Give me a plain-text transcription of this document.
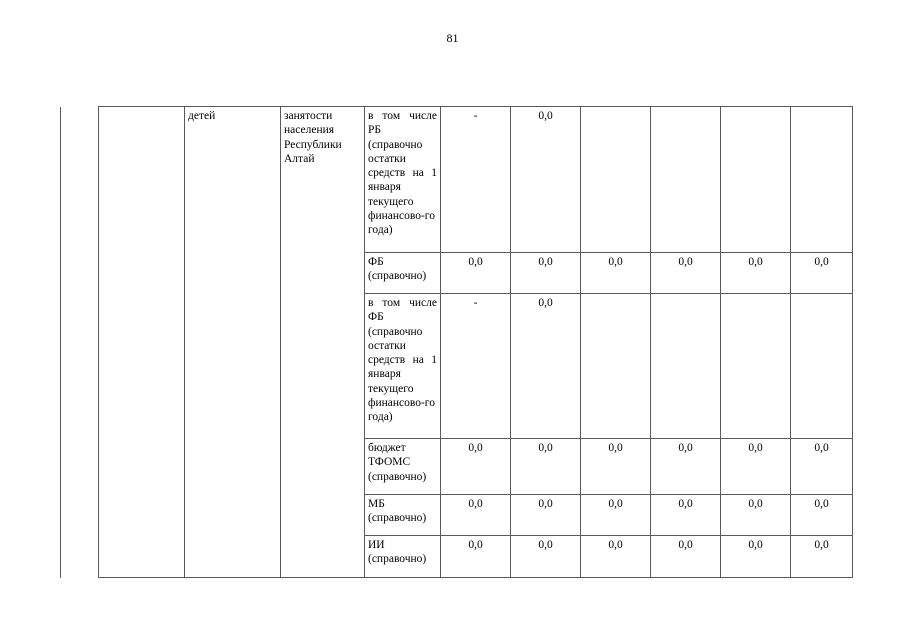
81
		детей	занятости населения Республики Алтай	в том числе РБ (справочно остатки средств на 1 января текущего финансово-го года)	-	0,0				
				ФБ (справочно)	0,0	0,0	0,0	0,0	0,0	0,0
				в том числе ФБ (справочно остатки средств на 1 января текущего финансово-го года)	-	0,0				
				бюджет ТФОМС (справочно)	0,0	0,0	0,0	0,0	0,0	0,0
				МБ (справочно)	0,0	0,0	0,0	0,0	0,0	0,0
				ИИ (справочно)	0,0	0,0	0,0	0,0	0,0	0,0
